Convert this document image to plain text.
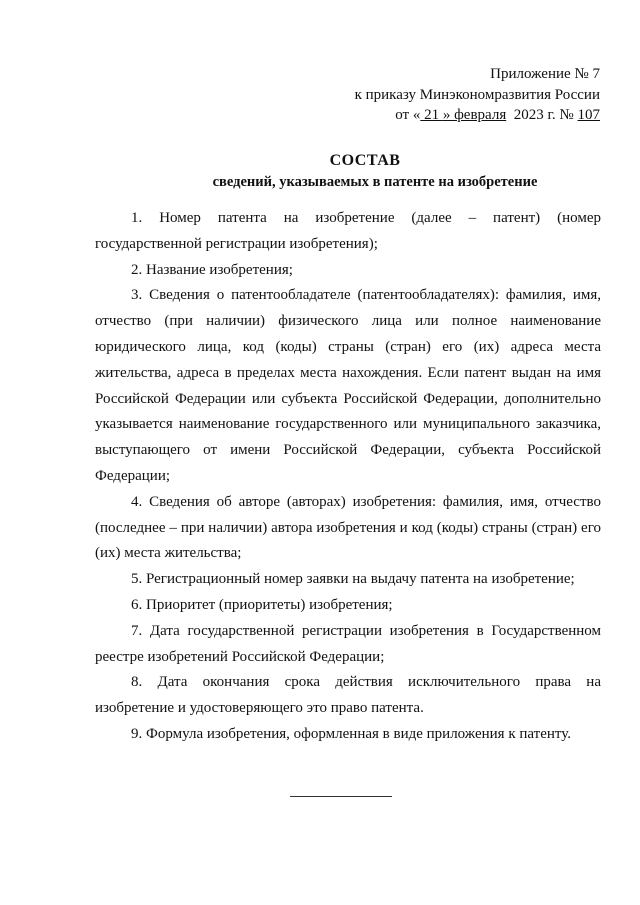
Приложение № 7
к приказу Минэкономразвития России
от « 21 » февраля  2023 г. № 107
СОСТАВ
сведений, указываемых в патенте на изобретение

1. Номер патента на изобретение (далее – патент) (номер государственной регистрации изобретения);

2. Название изобретения;

3. Сведения о патентообладателе (патентообладателях): фамилия, имя, отчество (при наличии) физического лица или полное наименование юридического лица, код (коды) страны (стран) его (их) адреса места жительства, адреса в пределах места нахождения. Если патент выдан на имя Российской Федерации или субъекта Российской Федерации, дополнительно указывается наименование государственного или муниципального заказчика, выступающего от имени Российской Федерации, субъекта Российской Федерации;

4. Сведения об авторе (авторах) изобретения: фамилия, имя, отчество (последнее – при наличии) автора изобретения и код (коды) страны (стран) его (их) места жительства;

5. Регистрационный номер заявки на выдачу патента на изобретение;

6. Приоритет (приоритеты) изобретения;

7. Дата государственной регистрации изобретения в Государственном реестре изобретений Российской Федерации;

8. Дата окончания срока действия исключительного права на изобретение и удостоверяющего это право патента.

9. Формула изобретения, оформленная в виде приложения к патенту.
